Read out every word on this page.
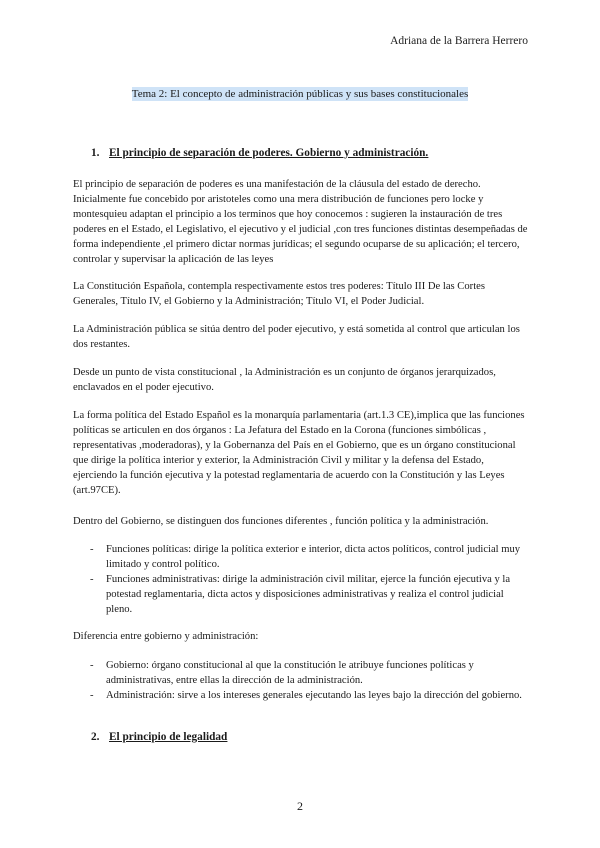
Adriana de la Barrera Herrero
Tema 2: El concepto de administración públicas y sus bases constitucionales
1. El principio de separación de poderes. Gobierno y administración.

El principio de separación de poderes es una manifestación de la cláusula del estado de derecho. Inicialmente fue concebido por aristoteles como una mera distribución de funciones pero locke y montesquieu adaptan el principio a los terminos que hoy conocemos : sugieren la instauración de tres poderes en el Estado, el Legislativo, el ejecutivo y el judicial ,con tres funciones distintas desempeñadas de forma independiente ,el primero dictar normas jurídicas; el segundo ocuparse de su aplicación; el tercero, controlar y supervisar la aplicación de las leyes

La Constitución Española, contempla respectivamente estos tres poderes: Título III De las Cortes Generales, Título IV, el Gobierno y la Administración; Título VI, el Poder Judicial.

La Administración pública se sitúa dentro del poder ejecutivo, y está sometida al control que articulan los dos restantes.

Desde un punto de vista constitucional , la Administración es un conjunto de órganos jerarquizados, enclavados en el poder ejecutivo.

La forma política del Estado Español es la monarquía parlamentaria (art.1.3 CE),implica que las funciones políticas se articulen en dos órganos : La Jefatura del Estado en la Corona (funciones simbólicas , representativas ,moderadoras), y la Gobernanza del País en el Gobierno, que es un órgano constitucional que dirige la política interior y exterior, la Administración Civil y militar y la defensa del Estado, ejerciendo la función ejecutiva y la potestad reglamentaria de acuerdo con la Constitución y las Leyes (art.97CE).

Dentro del Gobierno, se distinguen dos funciones diferentes , función política y la administración.

- Funciones políticas: dirige la política exterior e interior, dicta actos políticos, control judicial muy limitado y control político.
- Funciones administrativas: dirige la administración civil militar, ejerce la función ejecutiva y la potestad reglamentaria, dicta actos y disposiciones administrativas y realiza el control judicial pleno.

Diferencia entre gobierno y administración:

- Gobierno: órgano constitucional al que la constitución le atribuye funciones políticas y administrativas, entre ellas la dirección de la administración.
- Administración: sirve a los intereses generales ejecutando las leyes bajo la dirección del gobierno.
2. El principio de legalidad
2
